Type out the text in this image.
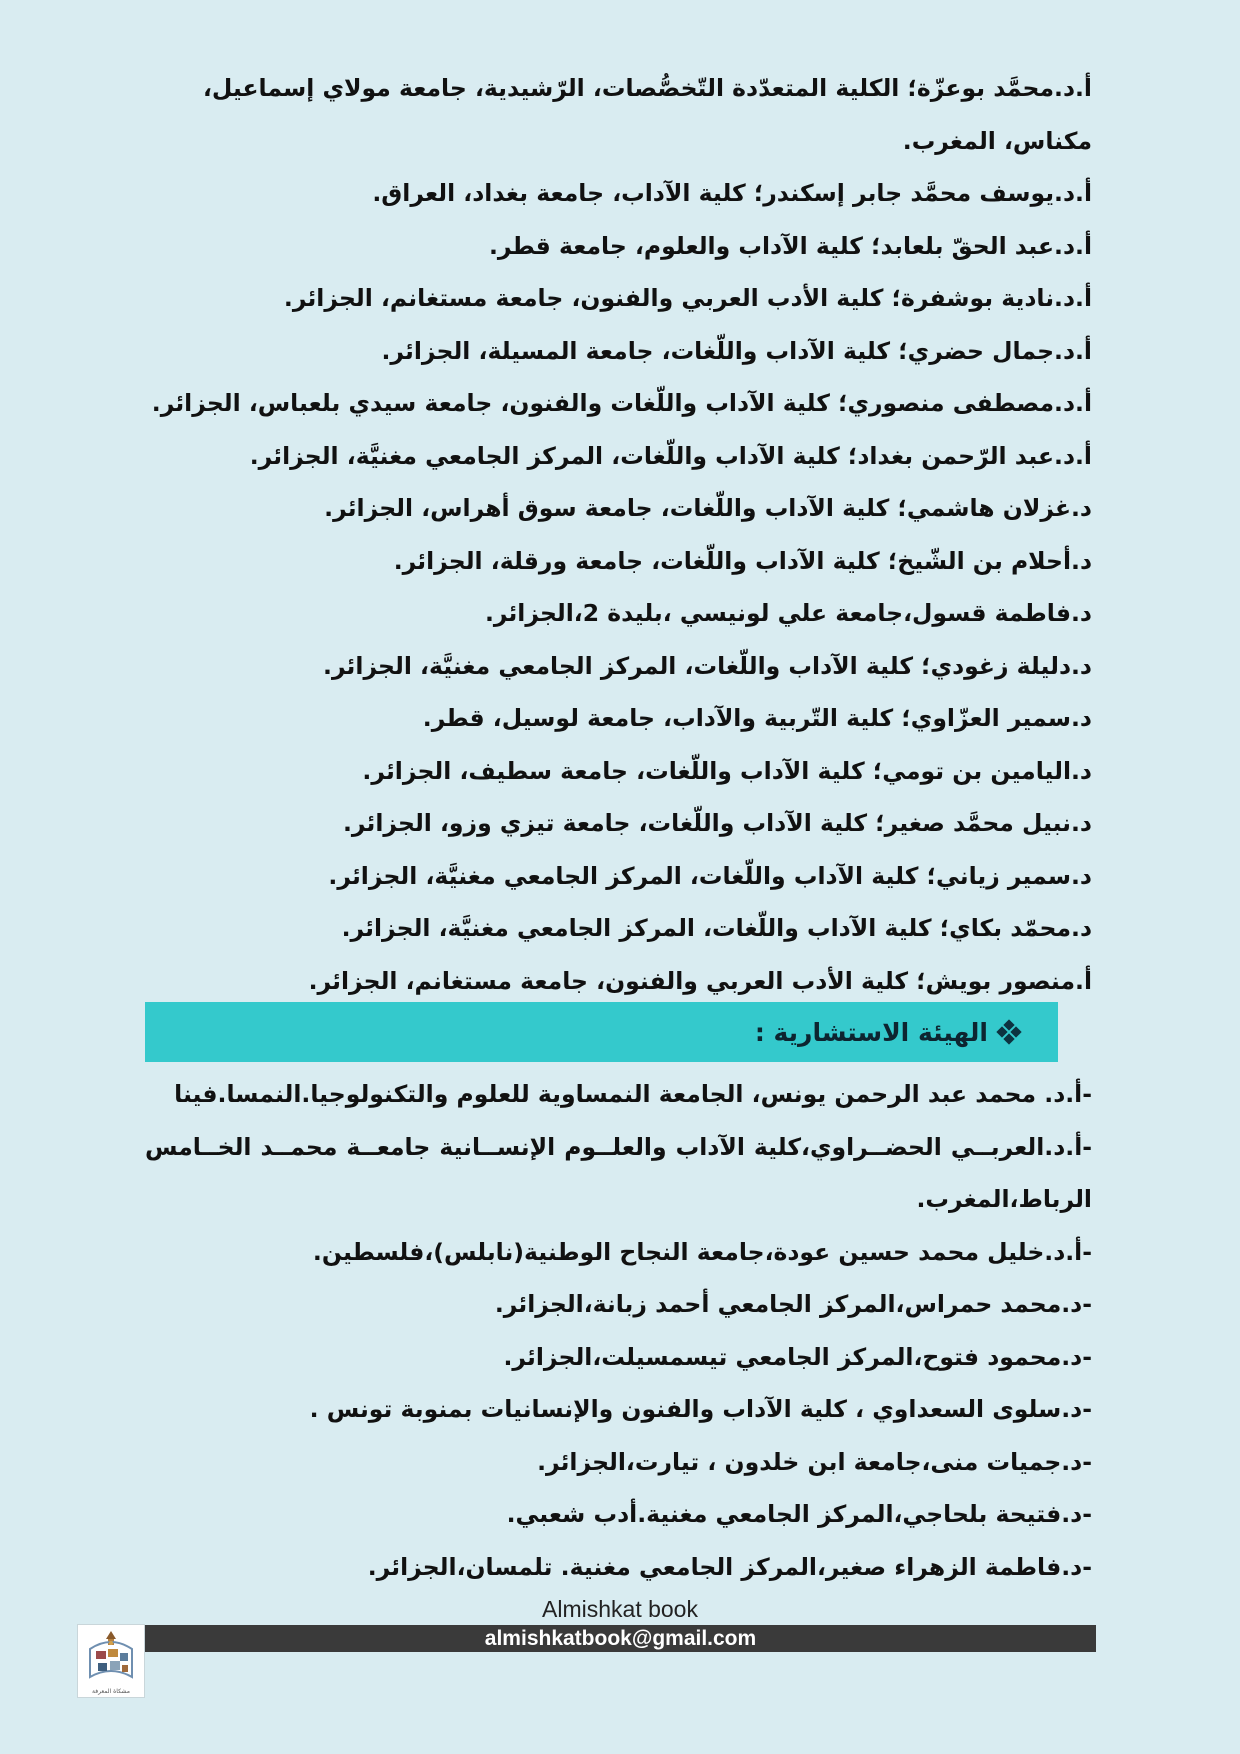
أ.د.محمَّد بوعزّة؛ الكلية المتعدّدة التّخصُّصات، الرّشيدية، جامعة مولاي إسماعيل، مكناس، المغرب.
أ.د.يوسف محمَّد جابر إسكندر؛ كلية الآداب، جامعة بغداد، العراق.
أ.د.عبد الحقّ بلعابد؛ كلية الآداب والعلوم، جامعة قطر.
أ.د.نادية بوشفرة؛ كلية الأدب العربي والفنون، جامعة مستغانم، الجزائر.
أ.د.جمال حضري؛ كلية الآداب واللّغات، جامعة المسيلة، الجزائر.
أ.د.مصطفى منصوري؛ كلية الآداب واللّغات والفنون، جامعة سيدي بلعباس، الجزائر.
أ.د.عبد الرّحمن بغداد؛ كلية الآداب واللّغات، المركز الجامعي مغنيَّة، الجزائر.
د.غزلان هاشمي؛ كلية الآداب واللّغات، جامعة سوق أهراس، الجزائر.
د.أحلام بن الشّيخ؛ كلية الآداب واللّغات، جامعة ورقلة، الجزائر.
د.فاطمة قسول،جامعة علي لونيسي ،بليدة 2،الجزائر.
د.دليلة زغودي؛ كلية الآداب واللّغات، المركز الجامعي مغنيَّة، الجزائر.
د.سمير العزّاوي؛ كلية التّربية والآداب، جامعة لوسيل، قطر.
د.اليامين بن تومي؛ كلية الآداب واللّغات، جامعة سطيف، الجزائر.
د.نبيل محمَّد صغير؛ كلية الآداب واللّغات، جامعة تيزي وزو، الجزائر.
د.سمير زياني؛ كلية الآداب واللّغات، المركز الجامعي مغنيَّة، الجزائر.
د.محمّد بكاي؛ كلية الآداب واللّغات، المركز الجامعي مغنيَّة، الجزائر.
أ.منصور بويش؛ كلية الأدب العربي والفنون، جامعة مستغانم، الجزائر.
الهيئة الاستشارية :
-أ.د. محمد عبد الرحمن يونس، الجامعة النمساوية للعلوم والتكنولوجيا.النمسا.فينا
-أ.د.العربــي الحضــراوي،كلية الآداب والعلــوم الإنســانية جامعــة محمــد الخــامس الرباط،المغرب.
-أ.د.خليل محمد حسين عودة،جامعة النجاح الوطنية(نابلس)،فلسطين.
-د.محمد حمراس،المركز الجامعي أحمد زبانة،الجزائر.
-د.محمود فتوح،المركز الجامعي تيسمسيلت،الجزائر.
-د.سلوى السعداوي ، كلية الآداب والفنون والإنسانيات بمنوبة تونس .
-د.جميات منى،جامعة ابن خلدون ، تيارت،الجزائر.
-د.فتيحة بلحاجي،المركز الجامعي مغنية.أدب شعبي.
-د.فاطمة الزهراء صغير،المركز الجامعي مغنية. تلمسان،الجزائر.
Almishkat book
almishkatbook@gmail.com
مشكاة المعرفة
